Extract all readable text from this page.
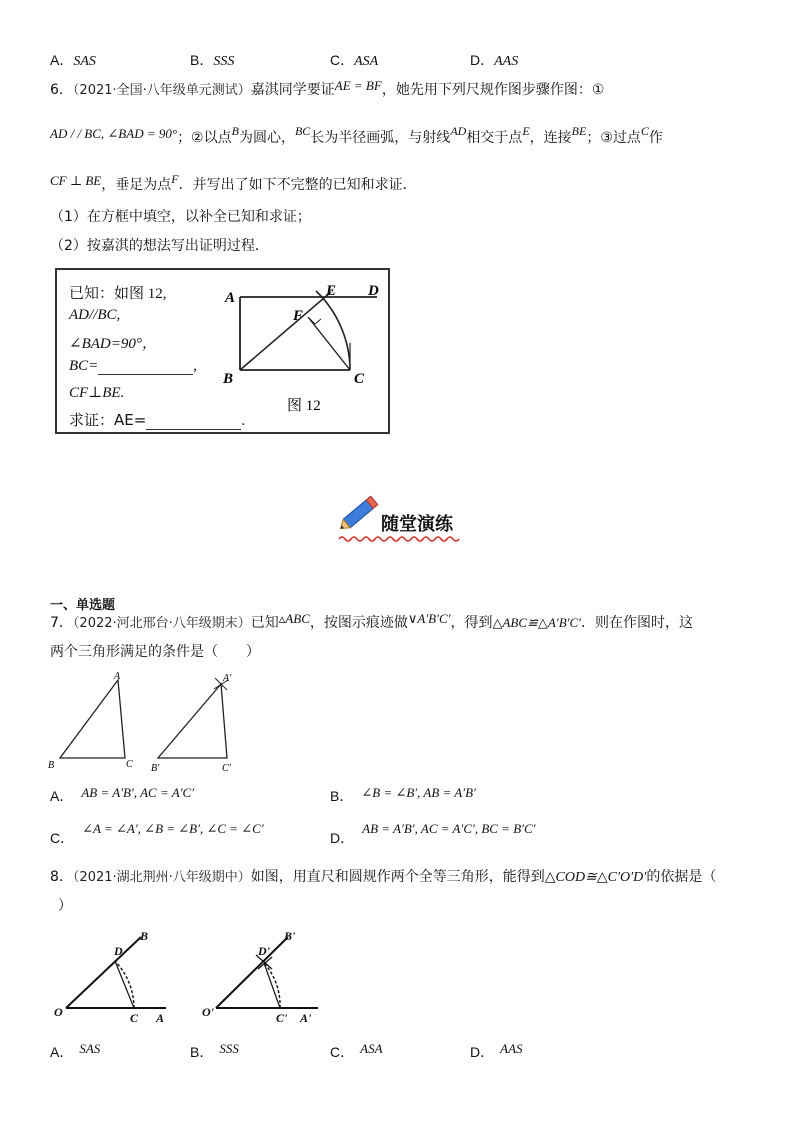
A．SAS	B．SSS	C．ASA	D．AAS
6．（2021·全国·八年级单元测试）嘉淇同学要证AE = BF，她先用下列尺规作图步骤作图：①
AD / / BC, ∠BAD = 90°；②以点B为圆心，BC长为半径画弧，与射线AD相交于点E，连接BE；③过点C作
CF ⊥ BE，垂足为点F．并写出了如下不完整的已知和求证．
（1）在方框中填空，以补全已知和求证；
（2）按嘉淇的想法写出证明过程．
已知：如图 12,
AD//BC,
∠BAD=90°，
BC=	,
CF⊥BE.
求证：AE=	.
A	E D
F
B	C
图 12
随堂演练
一、单选题
7．（2022·河北邢台·八年级期末）已知▵ABC，按图示痕迹做∨A′B′C′，得到△ABC≌△A′B′C′．则在作图时，这
两个三角形满足的条件是（　　）
A
B	C
A′
B′	C′
A． AB = A′B′, AC = A′C′	B． ∠B = ∠B′, AB = A′B′
C．∠A = ∠A′, ∠B = ∠B′, ∠C = ∠C′
D．AB = A′B′, AC = A′C′, BC = B′C′
8．（2021·湖北荆州·八年级期中）如图，用直尺和圆规作两个全等三角形，能得到△COD≅△C′O′D′的依据是（
）
O	C A
D
B
O'	C' A'
D'
B'
A． SAS	B． SSS	C． ASA	D． AAS
